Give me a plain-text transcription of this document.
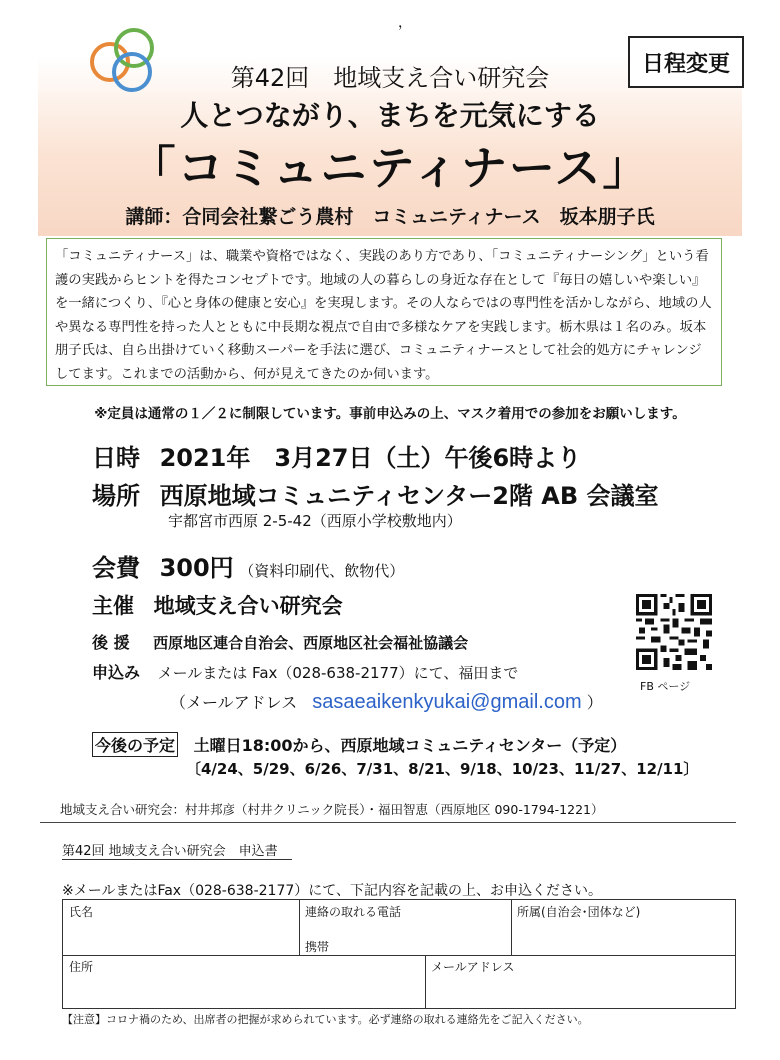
，
日程変更
第42回　地域支え合い研究会
人とつながり、まちを元気にする
「コミュニティナース」
講師：合同会社繋ごう農村　コミュニティナース　坂本朋子氏
「コミュニティナース」は、職業や資格ではなく、実践のあり方であり、「コミュニティナーシング」という看護の実践からヒントを得たコンセプトです。地域の人の暮らしの身近な存在として『毎日の嬉しいや楽しい』を一緒につくり、『心と身体の健康と安心』を実現します。その人ならではの専門性を活かしながら、地域の人や異なる専門性を持った人とともに中長期な視点で自由で多様なケアを実践します。栃木県は１名のみ。坂本朋子氏は、自ら出掛けていく移動スーパーを手法に選び、コミュニティナースとして社会的処方にチャレンジしてます。これまでの活動から、何が見えてきたのか伺います。
※定員は通常の１／２に制限しています。事前申込みの上、マスク着用での参加をお願いします。
日時 2021年　3月27日（土）午後6時より
場所 西原地域コミュニティセンター2階 AB 会議室
宇都宮市西原 2-5-42（西原小学校敷地内）
会費 300円 （資料印刷代、飲物代）
主催 地域支え合い研究会
後 援 西原地区連合自治会、西原地区社会福祉協議会
申込み メールまたは Fax（028-638-2177）にて、福田まで
（メールアドレス sasaeaikenkyukai@gmail.com ）
FB ページ
今後の予定 土曜日18:00から、西原地域コミュニティセンター（予定）
〔4/24、5/29、6/26、7/31、8/21、9/18、10/23、11/27、12/11〕
地域支え合い研究会：村井邦彦（村井クリニック院長）・福田智恵（西原地区 090-1794-1221）
第42回 地域支え合い研究会　申込書
※メールまたはFax（028-638-2177）にて、下記内容を記載の上、お申込ください。
氏名	連絡の取れる電話
携帯
所属(自治会･団体など)
住所	メールアドレス
【注意】コロナ禍のため、出席者の把握が求められています。必ず連絡の取れる連絡先をご記入ください。
